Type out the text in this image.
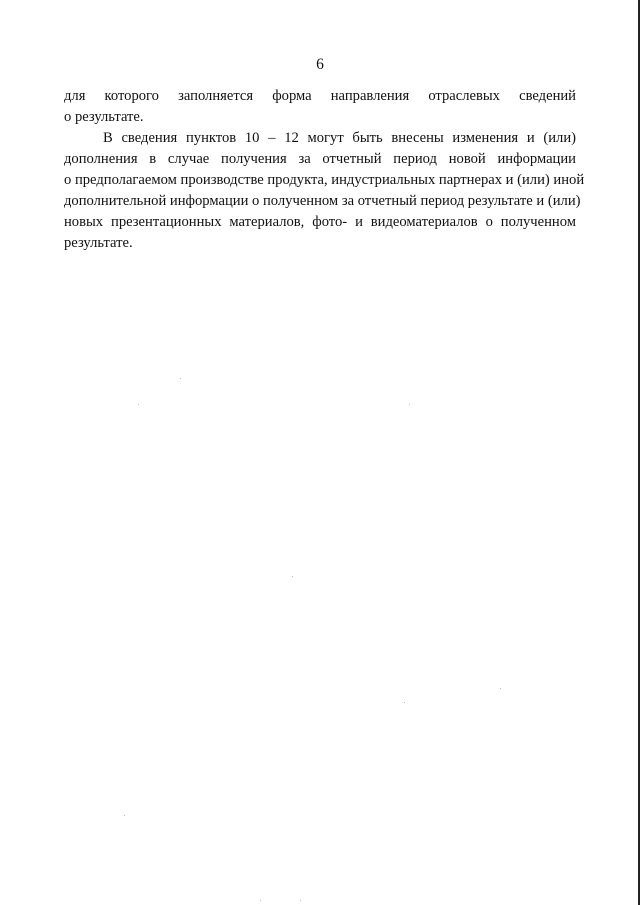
6
для которого заполняется форма направления отраслевых сведений
о результате.
В сведения пунктов 10 – 12 могут быть внесены изменения и (или)
дополнения в случае получения за отчетный период новой информации
о предполагаемом производстве продукта, индустриальных партнерах и (или) иной
дополнительной информации о полученном за отчетный период результате и (или)
новых презентационных материалов, фото- и видеоматериалов о полученном
результате.
